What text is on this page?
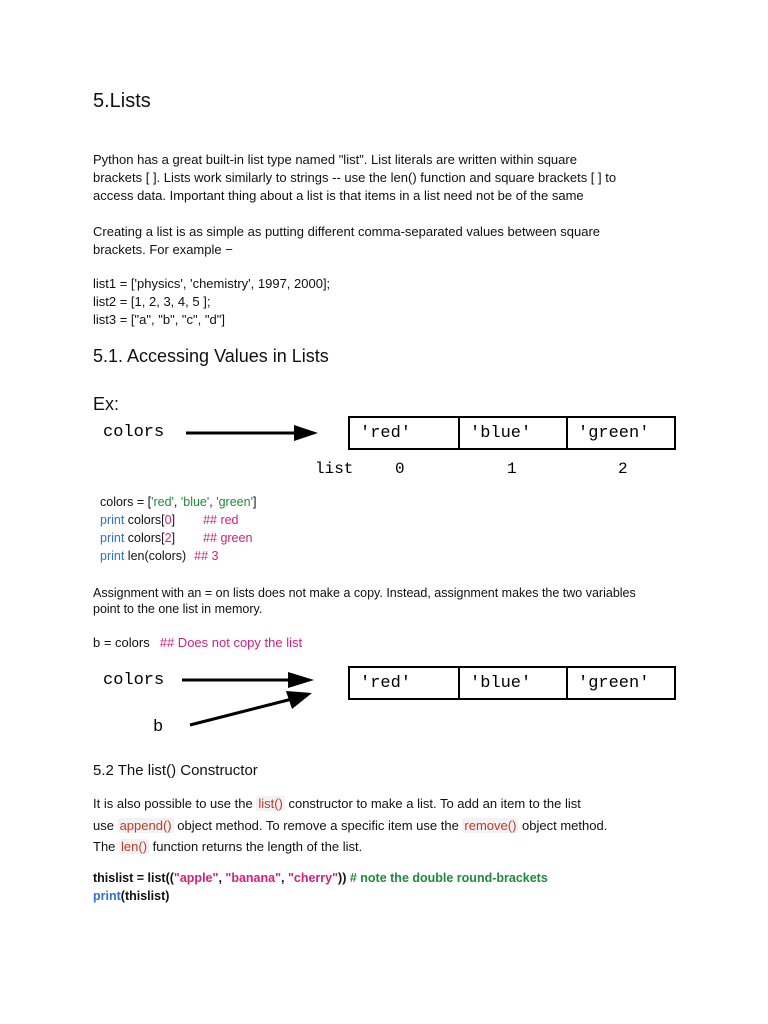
5.Lists
Python has a great built-in list type named "list". List literals are written within square
brackets [ ]. Lists work similarly to strings -- use the len() function and square brackets [ ] to
access data. Important thing about a list is that items in a list need not be of the same
Creating a list is as simple as putting different comma-separated values between square
brackets. For example −
list1 = ['physics', 'chemistry', 1997, 2000];
list2 = [1, 2, 3, 4, 5 ];
list3 = ["a", "b", "c", "d"]
5.1. Accessing Values in Lists
Ex:
colors	'red'	'blue'	'green'
list	0	1	2
colors = ['red', 'blue', 'green']
print colors[0] ## red
print colors[2] ## green
print len(colors) ## 3
Assignment with an = on lists does not make a copy. Instead, assignment makes the two variables
point to the one list in memory.
b = colors ## Does not copy the list
colors
b
'red'	'blue'	'green'
5.2 The list() Constructor
It is also possible to use the list() constructor to make a list. To add an item to the list
use append() object method. To remove a specific item use the remove() object method.
The len() function returns the length of the list.
thislist = list(("apple", "banana", "cherry")) # note the double round-brackets
print(thislist)
